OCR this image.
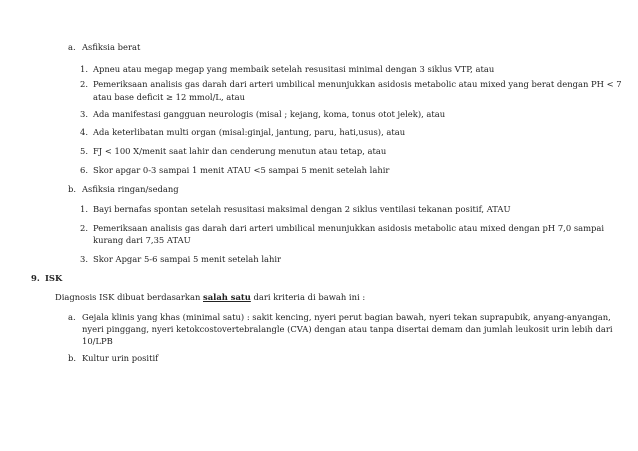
a. Asfiksia berat
1. Apneu atau megap megap yang membaik setelah resusitasi minimal dengan 3 siklus VTP, atau
2. Pemeriksaan analisis gas darah dari arteri umbilical menunjukkan asidosis metabolic atau mixed yang berat dengan PH < 7
atau base deficit ≥ 12 mmol/L, atau
3. Ada manifestasi gangguan neurologis (misal ; kejang, koma, tonus otot jelek), atau
4. Ada keterlibatan multi organ (misal:ginjal, jantung, paru, hati,usus), atau
5. FJ < 100 X/menit saat lahir dan cenderung menutun atau tetap, atau
6. Skor apgar 0-3 sampai 1 menit ATAU <5 sampai 5 menit setelah lahir
b. Asfiksia ringan/sedang
1. Bayi bernafas spontan setelah resusitasi maksimal dengan 2 siklus ventilasi tekanan positif, ATAU
2. Pemeriksaan analisis gas darah dari arteri umbilical menunjukkan asidosis metabolic atau mixed dengan pH 7,0 sampai
kurang dari 7,35 ATAU
3. Skor Apgar 5-6 sampai 5 menit setelah lahir
9. ISK
Diagnosis ISK dibuat berdasarkan salah satu dari kriteria di bawah ini :
a. Gejala klinis yang khas (minimal satu) : sakit kencing, nyeri perut bagian bawah, nyeri tekan suprapubik, anyang-anyangan,
nyeri pinggang, nyeri ketokcostovertebralangle (CVA) dengan atau tanpa disertai demam dan jumlah leukosit urin lebih dari
10/LPB
b. Kultur urin positif
